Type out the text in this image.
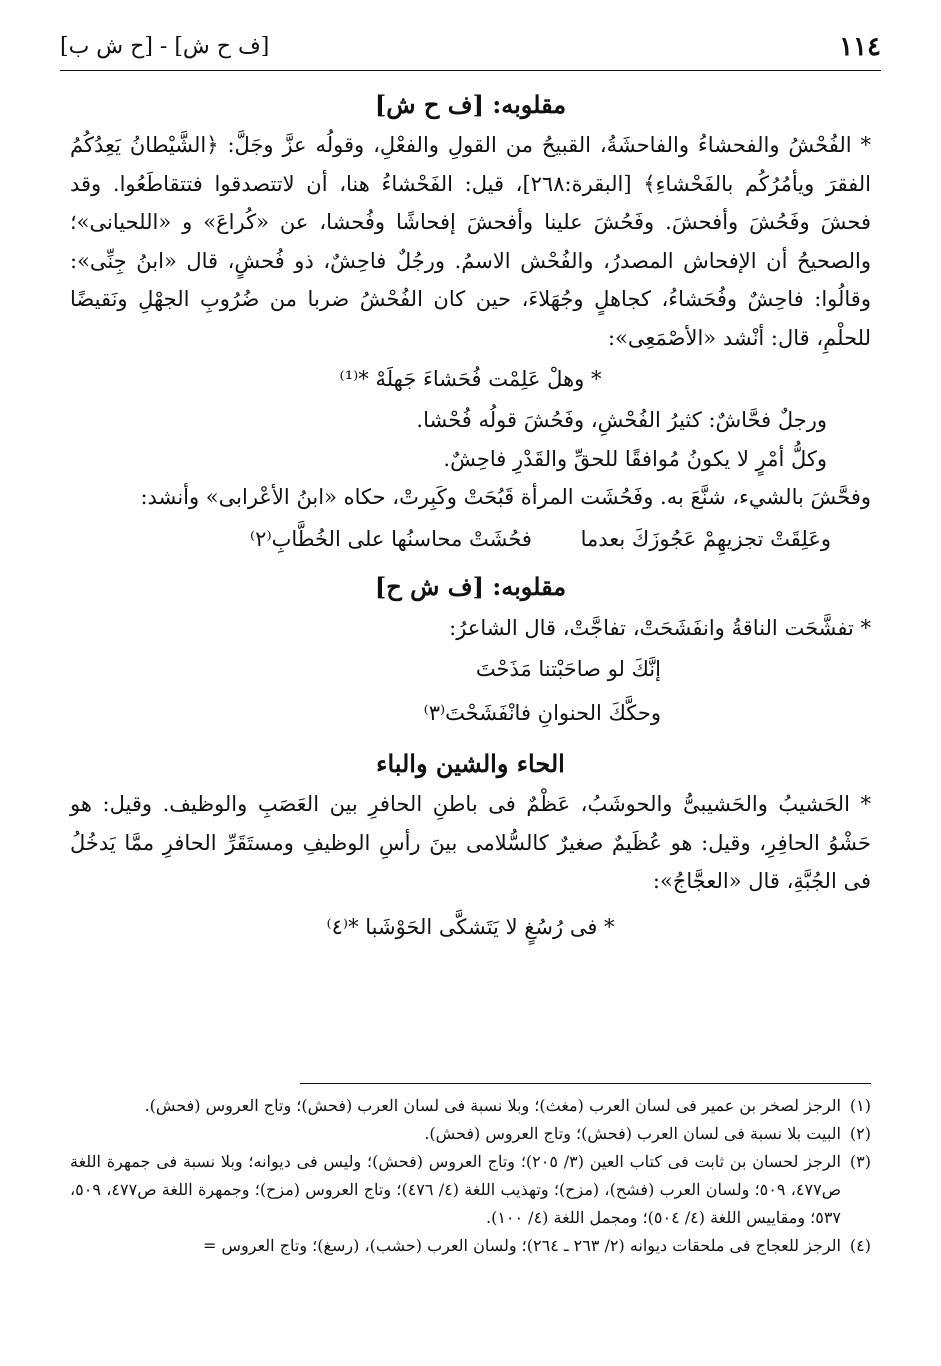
١١٤
[ف ح ش] - [ح ش ب]
مقلوبه: [ف ح ش]

* الفُحْشُ والفحشاءُ والفاحشَةُ، القبيحُ من القولِ والفعْلِ، وقولُه عزَّ وجَلَّ: ﴿الشَّيْطانُ يَعِدُكُمُ الفقرَ ويأمُرُكُم بالفَحْشاءِ﴾ [البقرة:٢٦٨]، قيل: الفَحْشاءُ هنا، أن لاتتصدقوا فتتقاطَعُوا. وقد فحشَ وفَحُشَ وأفحشَ. وفَحُشَ علينا وأفحشَ إفحاشًا وفُحشا، عن «كُراعَ» و «اللحيانى»؛ والصحيحُ أن الإفحاش المصدرُ، والفُحْش الاسمُ. ورجُلٌ فاحِشٌ، ذو فُحشٍ، قال «ابنُ جِنِّى»: وقالُوا: فاحِشٌ وفُحَشاءُ، كجاهلٍ وجُهَلاءَ، حين كان الفُحْشُ ضربا من ضُرُوبِ الجهْلِ ونَقيضًا للحلْمِ، قال: أنْشد «الأصْمَعِى»:

* وهلْ عَلِمْت فُحَشاءَ جَهلَهْ *⁽¹⁾

ورجلٌ فحَّاشٌ: كثيرُ الفُحْشِ، وفَحُشَ قولُه فُحْشا.

وكلُّ أمْرٍ لا يكونُ مُوافقًا للحقِّ والقَدْرِ فاحِشٌ.

وفحَّشَ بالشيء، شنَّعَ به. وفَحُشَت المرأة قَبُحَتْ وكَبِرتْ، حكاه «ابنُ الأعْرابى» وأنشد:

وعَلِقَتْ تجزيهِمْ عَجُوزَكَ بعدما
فحُشَتْ محاسنُها على الخُطَّابِ⁽٢⁾
مقلوبه: [ف ش ح]

* تفشَّحَت الناقةُ وانفَشَحَتْ، تفاجَّتْ، قال الشاعرُ:

إنَّكَ لو صاحَبْتنا مَذَحْتَ

وحكَّكَ الحنوانِ فانْفَشَحْتَ⁽٣⁾

الحاء والشين والباء

* الحَشيبُ والحَشيبىُّ والحوشَبُ، عَظْمٌ فى باطنِ الحافرِ بين العَصَبِ والوظيف. وقيل: هو حَشْوُ الحافِرِ، وقيل: هو عُظَيمٌ صغيرٌ كالسُّلامى بينَ رأسِ الوظيفِ ومستَقَرِّ الحافرِ ممَّا يَدخُلُ فى الجُبَّةِ، قال «العجَّاجُ»:

* فى رُسُغٍ لا يَتَشكَّى الحَوْشَبا *⁽٤⁾

(١)
الرجز لصخر بن عمير فى لسان العرب (مغث)؛ وبلا نسبة فى لسان العرب (فحش)؛ وتاج العروس (فحش).

(٢)
البيت بلا نسبة فى لسان العرب (فحش)؛ وتاج العروس (فحش).

(٣)
الرجز لحسان بن ثابت فى كتاب العين (٣/ ٢٠٥)؛ وتاج العروس (فحش)؛ وليس فى ديوانه؛ وبلا نسبة فى جمهرة اللغة ص٤٧٧، ٥٠٩؛ ولسان العرب (فشح)، (مزح)؛ وتهذيب اللغة (٤/ ٤٧٦)؛ وتاج العروس (مزح)؛ وجمهرة اللغة ص٤٧٧، ٥٠٩، ٥٣٧؛ ومقاييس اللغة (٤/ ٥٠٤)؛ ومجمل اللغة (٤/ ١٠٠).

(٤)
الرجز للعجاج فى ملحقات ديوانه (٢/ ٢٦٣ ـ ٢٦٤)؛ ولسان العرب (حشب)، (رسغ)؛ وتاج العروس =
